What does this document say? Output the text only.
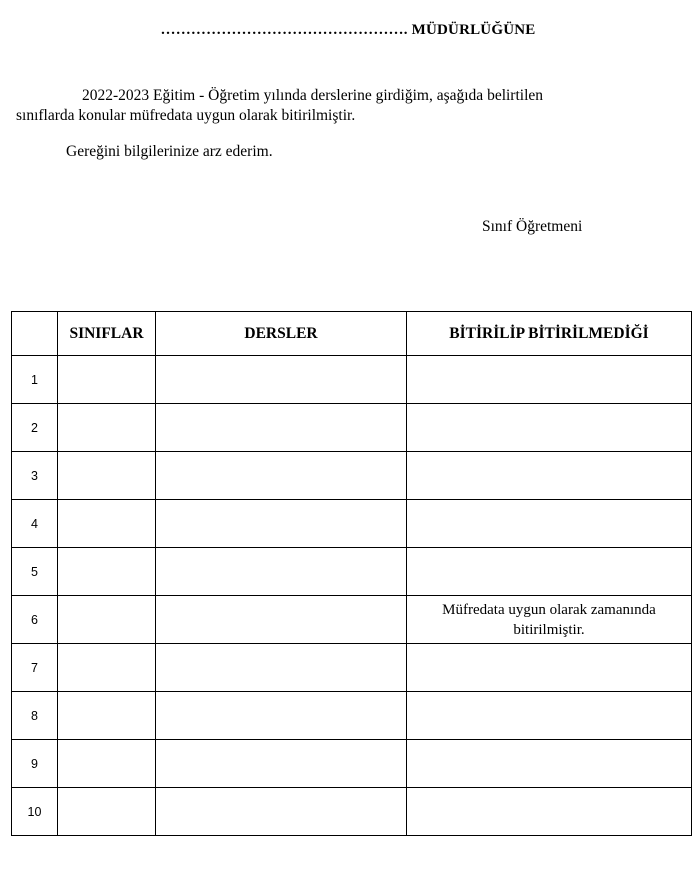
…………………………………………. MÜDÜRLÜĞÜNE
2022-2023 Eğitim - Öğretim yılında derslerine girdiğim, aşağıda belirtilen
sınıflarda konular müfredata uygun olarak bitirilmiştir.
Gereğini bilgilerinize arz ederim.
Sınıf Öğretmeni
	SINIFLAR	DERSLER	BİTİRİLİP BİTİRİLMEDİĞİ
1			
2			
3			
4			
5			
6			Müfredata uygun olarak zamanında bitirilmiştir.
7			
8			
9			
10			
